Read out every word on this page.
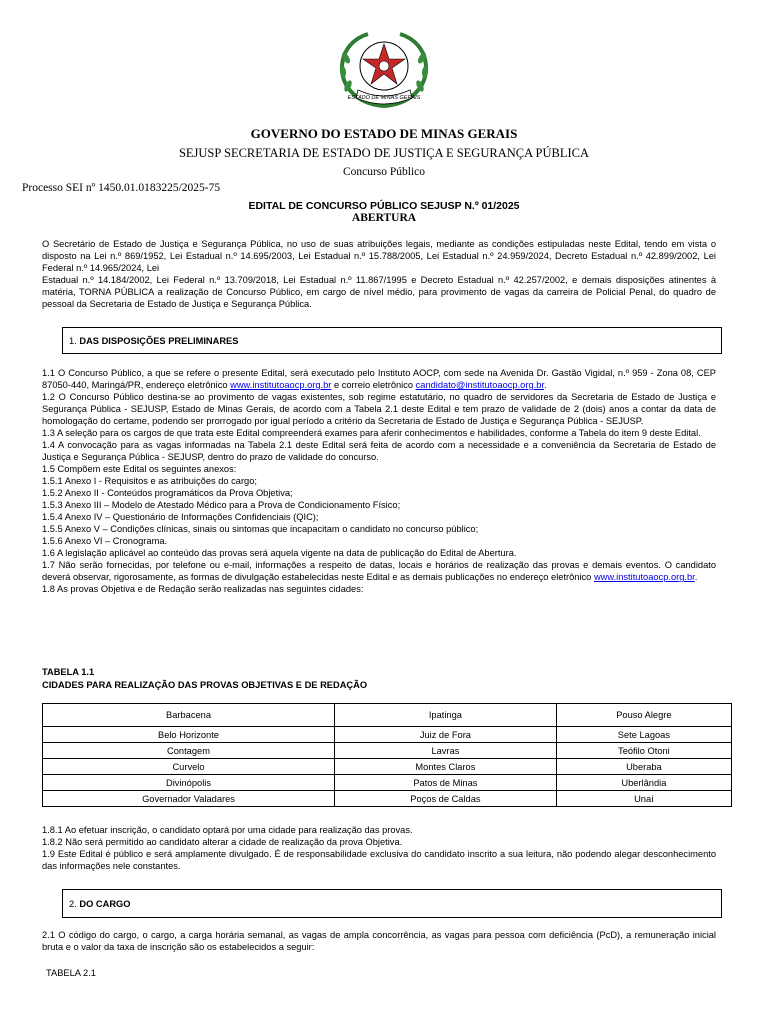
ESTADO DE MINAS GERAIS
GOVERNO DO ESTADO DE MINAS GERAIS
SEJUSP SECRETARIA DE ESTADO DE JUSTIÇA E SEGURANÇA PÚBLICA
Concurso Público
Processo SEI nº 1450.01.0183225/2025-75
EDITAL DE CONCURSO PÚBLICO SEJUSP N.º 01/2025
ABERTURA

O Secretário de Estado de Justiça e Segurança Pública, no uso de suas atribuições legais, mediante as condições estipuladas neste Edital, tendo em vista o disposto na Lei n.º 869/1952, Lei Estadual n.º 14.695/2003, Lei Estadual n.º 15.788/2005, Lei Estadual n.º 24.959/2024, Decreto Estadual n.º 42.899/2002, Lei Federal n.º 14.965/2024, Lei

Estadual n.º 14.184/2002, Lei Federal n.º 13.709/2018, Lei Estadual n.º 11.867/1995 e Decreto Estadual n.º 42.257/2002, e demais disposições atinentes à matéria, TORNA PÚBLICA a realização de Concurso Público, em cargo de nível médio, para provimento de vagas da carreira de Policial Penal, do quadro de pessoal da Secretaria de Estado de Justiça e Segurança Pública.

1. DAS DISPOSIÇÕES PRELIMINARES

1.1 O Concurso Público, a que se refere o presente Edital, será executado pelo Instituto AOCP, com sede na Avenida Dr. Gastão Vigidal, n.º 959 - Zona 08, CEP 87050-440, Maringá/PR, endereço eletrônico www.institutoaocp.org.br e correio eletrônico candidato@institutoaocp.org.br.

1.2 O Concurso Público destina-se ao provimento de vagas existentes, sob regime estatutário, no quadro de servidores da Secretaria de Estado de Justiça e Segurança Pública - SEJUSP, Estado de Minas Gerais, de acordo com a Tabela 2.1 deste Edital e tem prazo de validade de 2 (dois) anos a contar da data de homologação do certame, podendo ser prorrogado por igual período a critério da Secretaria de Estado de Justiça e Segurança Pública - SEJUSP.

1.3 A seleção para os cargos de que trata este Edital compreenderá exames para aferir conhecimentos e habilidades, conforme a Tabela do item 9 deste Edital.

1.4 A convocação para as vagas informadas na Tabela 2.1 deste Edital será feita de acordo com a necessidade e a conveniência da Secretaria de Estado de Justiça e Segurança Pública - SEJUSP, dentro do prazo de validade do concurso.

1.5 Compõem este Edital os seguintes anexos:

1.5.1 Anexo I - Requisitos e as atribuições do cargo;

1.5.2 Anexo II - Conteúdos programáticos da Prova Objetiva;

1.5.3 Anexo III – Modelo de Atestado Médico para a Prova de Condicionamento Físico;

1.5.4 Anexo IV – Questionário de Informações Confidenciais (QIC);

1.5.5 Anexo V – Condições clínicas, sinais ou sintomas que incapacitam o candidato no concurso público;

1.5.6 Anexo VI – Cronograma.

1.6 A legislação aplicável ao conteúdo das provas será aquela vigente na data de publicação do Edital de Abertura.

1.7 Não serão fornecidas, por telefone ou e-mail, informações a respeito de datas, locais e horários de realização das provas e demais eventos. O candidato deverá observar, rigorosamente, as formas de divulgação estabelecidas neste Edital e as demais publicações no endereço eletrônico www.institutoaocp.org.br.

1.8 As provas Objetiva e de Redação serão realizadas nas seguintes cidades:

TABELA 1.1
CIDADES PARA REALIZAÇÃO DAS PROVAS OBJETIVAS E DE REDAÇÃO
Barbacena	Ipatinga	Pouso Alegre
Belo Horizonte	Juiz de Fora	Sete Lagoas
Contagem	Lavras	Teófilo Otoni
Curvelo	Montes Claros	Uberaba
Divinópolis	Patos de Minas	Uberlândia
Governador Valadares	Poços de Caldas	Unaí

1.8.1 Ao efetuar inscrição, o candidato optará por uma cidade para realização das provas.

1.8.2 Não será permitido ao candidato alterar a cidade de realização da prova Objetiva.

1.9 Este Edital é público e será amplamente divulgado. É de responsabilidade exclusiva do candidato inscrito a sua leitura, não podendo alegar desconhecimento das informações nele constantes.

2. DO CARGO

2.1 O código do cargo, o cargo, a carga horária semanal, as vagas de ampla concorrência, as vagas para pessoa com deficiência (PcD), a remuneração inicial bruta e o valor da taxa de inscrição são os estabelecidos a seguir:

TABELA 2.1
